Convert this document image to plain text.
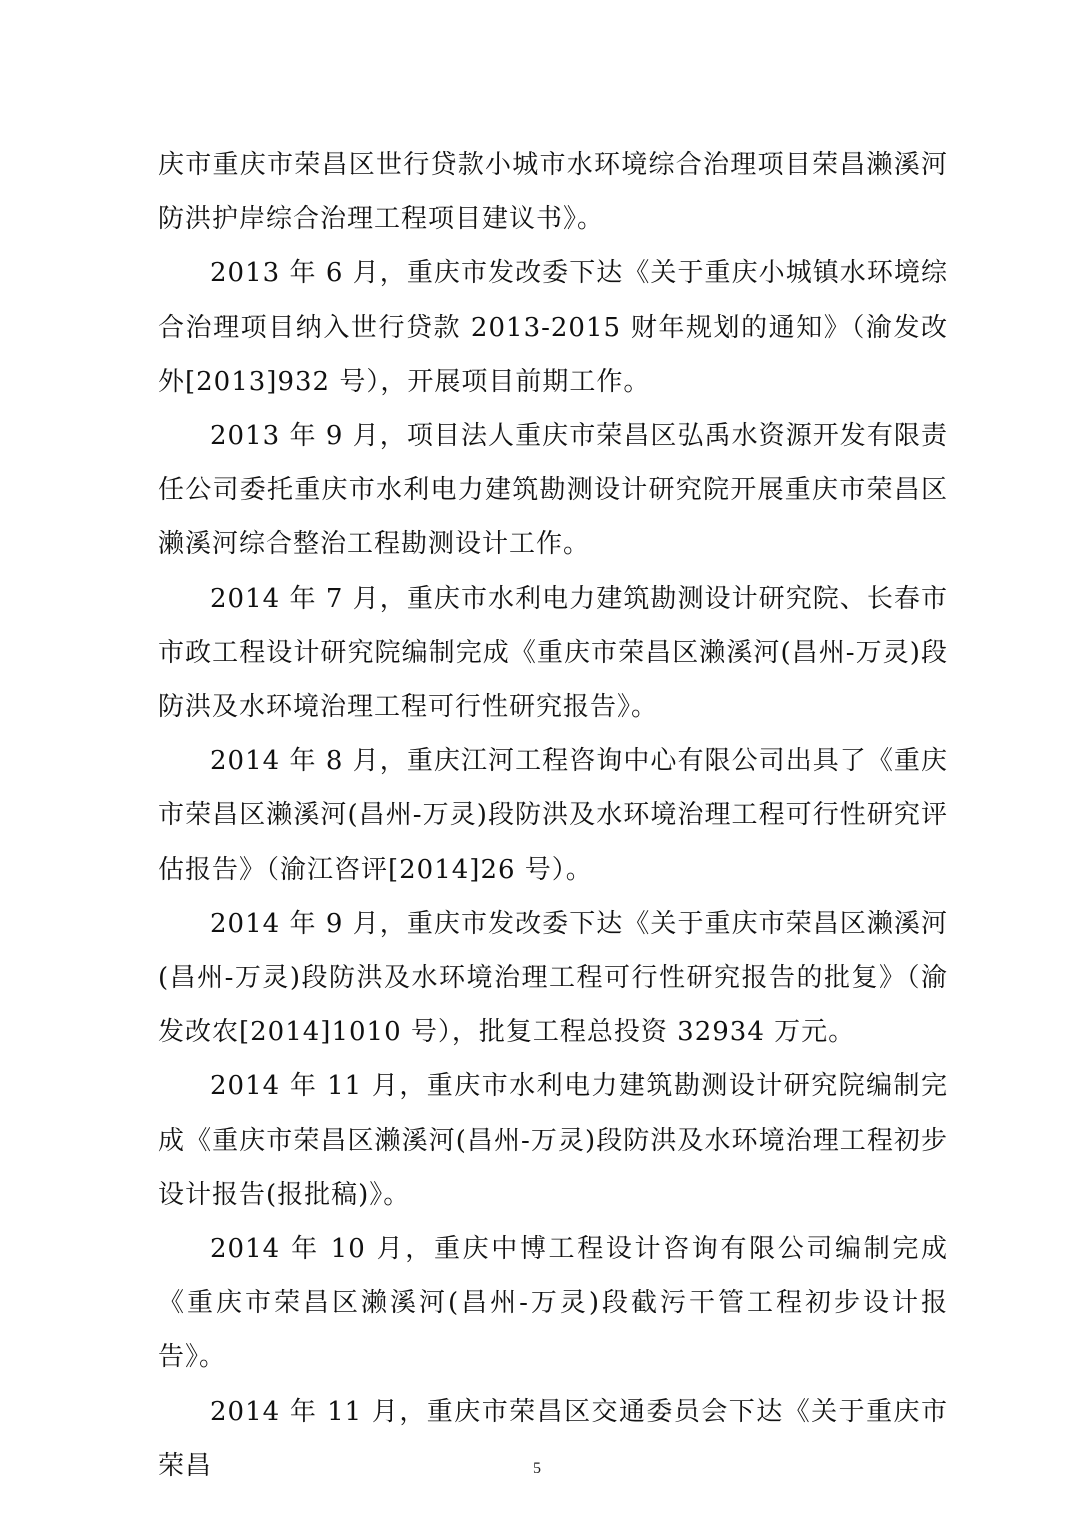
庆市重庆市荣昌区世行贷款小城市水环境综合治理项目荣昌濑溪河防洪护岸综合治理工程项目建议书》。

2013 年 6 月，重庆市发改委下达《关于重庆小城镇水环境综合治理项目纳入世行贷款 2013-2015 财年规划的通知》（渝发改外[2013]932 号），开展项目前期工作。

2013 年 9 月，项目法人重庆市荣昌区弘禹水资源开发有限责任公司委托重庆市水利电力建筑勘测设计研究院开展重庆市荣昌区濑溪河综合整治工程勘测设计工作。

2014 年 7 月，重庆市水利电力建筑勘测设计研究院、长春市市政工程设计研究院编制完成《重庆市荣昌区濑溪河(昌州-万灵)段防洪及水环境治理工程可行性研究报告》。

2014 年 8 月，重庆江河工程咨询中心有限公司出具了《重庆市荣昌区濑溪河(昌州-万灵)段防洪及水环境治理工程可行性研究评估报告》（渝江咨评[2014]26 号）。

2014 年 9 月，重庆市发改委下达《关于重庆市荣昌区濑溪河(昌州-万灵)段防洪及水环境治理工程可行性研究报告的批复》（渝发改农[2014]1010 号），批复工程总投资 32934 万元。

2014 年 11 月，重庆市水利电力建筑勘测设计研究院编制完成《重庆市荣昌区濑溪河(昌州-万灵)段防洪及水环境治理工程初步设计报告(报批稿)》。

2014 年 10 月，重庆中博工程设计咨询有限公司编制完成《重庆市荣昌区濑溪河(昌州-万灵)段截污干管工程初步设计报告》。

2014 年 11 月，重庆市荣昌区交通委员会下达《关于重庆市荣昌	5
